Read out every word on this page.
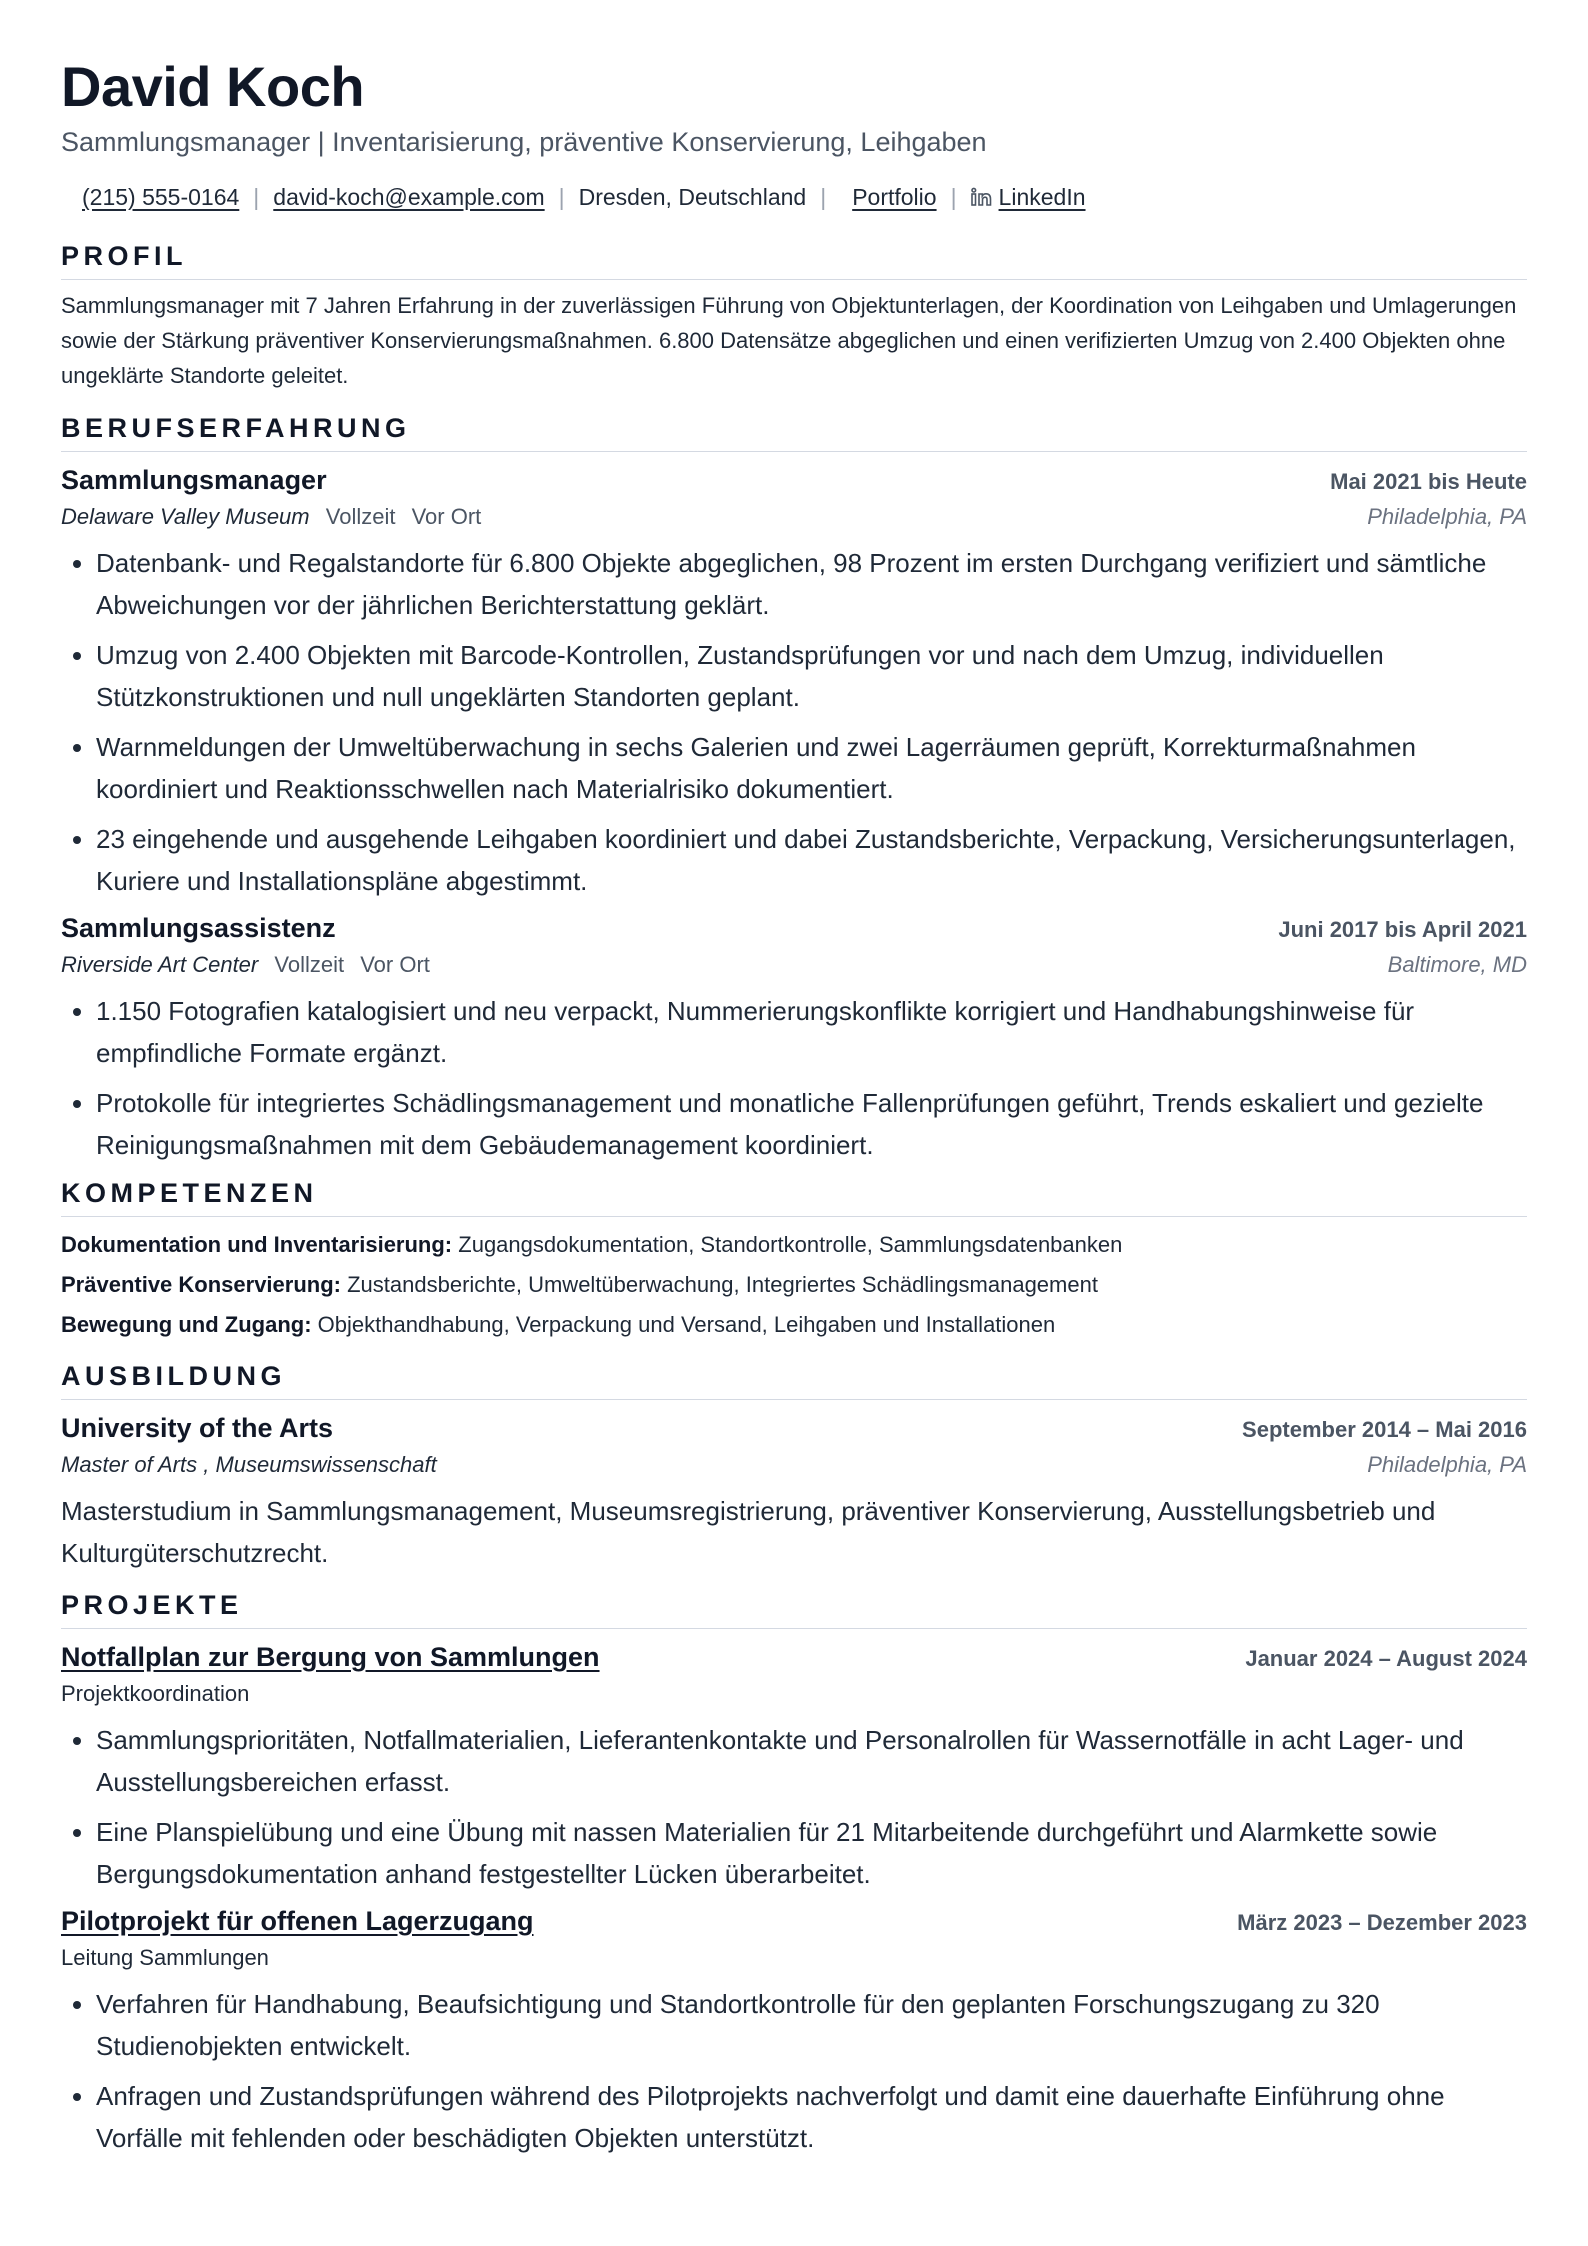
David Koch
Sammlungsmanager | Inventarisierung, präventive Konservierung, Leihgaben
(215) 555-0164 | david-koch@example.com | Dresden, Deutschland | Portfolio | LinkedIn
PROFIL
Sammlungsmanager mit 7 Jahren Erfahrung in der zuverlässigen Führung von Objektunterlagen, der Koordination von Leihgaben und Umlagerungen sowie der Stärkung präventiver Konservierungsmaßnahmen. 6.800 Datensätze abgeglichen und einen verifizierten Umzug von 2.400 Objekten ohne ungeklärte Standorte geleitet.
BERUFSERFAHRUNG
Sammlungsmanager	Mai 2021 bis Heute
Delaware Valley Museum Vollzeit Vor Ort	Philadelphia, PA
• Datenbank- und Regalstandorte für 6.800 Objekte abgeglichen, 98 Prozent im ersten Durchgang verifiziert und sämtliche Abweichungen vor der jährlichen Berichterstattung geklärt.
• Umzug von 2.400 Objekten mit Barcode-Kontrollen, Zustandsprüfungen vor und nach dem Umzug, individuellen Stützkonstruktionen und null ungeklärten Standorten geplant.
• Warnmeldungen der Umweltüberwachung in sechs Galerien und zwei Lagerräumen geprüft, Korrekturmaßnahmen koordiniert und Reaktionsschwellen nach Materialrisiko dokumentiert.
• 23 eingehende und ausgehende Leihgaben koordiniert und dabei Zustandsberichte, Verpackung, Versicherungsunterlagen, Kuriere und Installationspläne abgestimmt.
Sammlungsassistenz	Juni 2017 bis April 2021
Riverside Art Center Vollzeit Vor Ort	Baltimore, MD
• 1.150 Fotografien katalogisiert und neu verpackt, Nummerierungskonflikte korrigiert und Handhabungshinweise für empfindliche Formate ergänzt.
• Protokolle für integriertes Schädlingsmanagement und monatliche Fallenprüfungen geführt, Trends eskaliert und gezielte Reinigungsmaßnahmen mit dem Gebäudemanagement koordiniert.
KOMPETENZEN
Dokumentation und Inventarisierung: Zugangsdokumentation, Standortkontrolle, Sammlungsdatenbanken
Präventive Konservierung: Zustandsberichte, Umweltüberwachung, Integriertes Schädlingsmanagement
Bewegung und Zugang: Objekthandhabung, Verpackung und Versand, Leihgaben und Installationen
AUSBILDUNG
University of the Arts	September 2014 – Mai 2016
Master of Arts , Museumswissenschaft	Philadelphia, PA
Masterstudium in Sammlungsmanagement, Museumsregistrierung, präventiver Konservierung, Ausstellungsbetrieb und Kulturgüterschutzrecht.
PROJEKTE
Notfallplan zur Bergung von Sammlungen	Januar 2024 – August 2024
Projektkoordination
• Sammlungsprioritäten, Notfallmaterialien, Lieferantenkontakte und Personalrollen für Wassernotfälle in acht Lager- und Ausstellungsbereichen erfasst.
• Eine Planspielübung und eine Übung mit nassen Materialien für 21 Mitarbeitende durchgeführt und Alarmkette sowie Bergungsdokumentation anhand festgestellter Lücken überarbeitet.
Pilotprojekt für offenen Lagerzugang	März 2023 – Dezember 2023
Leitung Sammlungen
• Verfahren für Handhabung, Beaufsichtigung und Standortkontrolle für den geplanten Forschungszugang zu 320 Studienobjekten entwickelt.
• Anfragen und Zustandsprüfungen während des Pilotprojekts nachverfolgt und damit eine dauerhafte Einführung ohne Vorfälle mit fehlenden oder beschädigten Objekten unterstützt.
